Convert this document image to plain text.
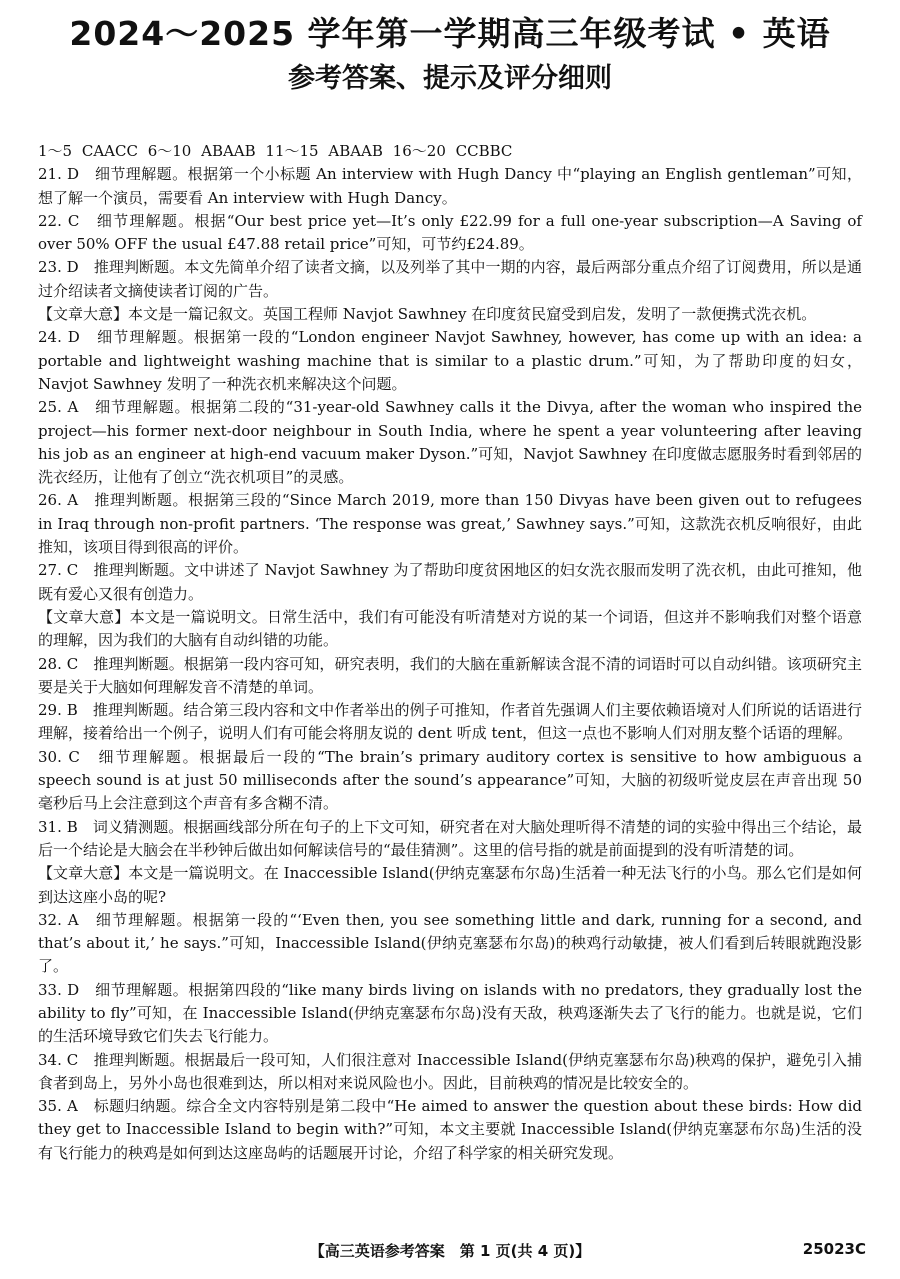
2024～2025 学年第一学期高三年级考试 • 英语
参考答案、提示及评分细则

1～5 CAACC 6～10 ABAAB 11～15 ABAAB 16～20 CCBBC

21. D　细节理解题。根据第一个小标题 An interview with Hugh Dancy 中“playing an English gentleman”可知，想了解一个演员，需要看 An interview with Hugh Dancy。

22. C　细节理解题。根据“Our best price yet—It’s only £22.99 for a full one-year subscription—A Saving of over 50% OFF the usual £47.88 retail price”可知，可节约£24.89。

23. D　推理判断题。本文先简单介绍了读者文摘，以及列举了其中一期的内容，最后两部分重点介绍了订阅费用，所以是通过介绍读者文摘使读者订阅的广告。

【文章大意】本文是一篇记叙文。英国工程师 Navjot Sawhney 在印度贫民窟受到启发，发明了一款便携式洗衣机。

24. D　细节理解题。根据第一段的“London engineer Navjot Sawhney, however, has come up with an idea: a portable and lightweight washing machine that is similar to a plastic drum.”可知，为了帮助印度的妇女，Navjot Sawhney 发明了一种洗衣机来解决这个问题。

25. A　细节理解题。根据第二段的“31-year-old Sawhney calls it the Divya, after the woman who inspired the project—his former next-door neighbour in South India, where he spent a year volunteering after leaving his job as an engineer at high-end vacuum maker Dyson.”可知，Navjot Sawhney 在印度做志愿服务时看到邻居的洗衣经历，让他有了创立“洗衣机项目”的灵感。

26. A　推理判断题。根据第三段的“Since March 2019, more than 150 Divyas have been given out to refugees in Iraq through non-profit partners. ‘The response was great,’ Sawhney says.”可知，这款洗衣机反响很好，由此推知，该项目得到很高的评价。

27. C　推理判断题。文中讲述了 Navjot Sawhney 为了帮助印度贫困地区的妇女洗衣服而发明了洗衣机，由此可推知，他既有爱心又很有创造力。

【文章大意】本文是一篇说明文。日常生活中，我们有可能没有听清楚对方说的某一个词语，但这并不影响我们对整个语意的理解，因为我们的大脑有自动纠错的功能。

28. C　推理判断题。根据第一段内容可知，研究表明，我们的大脑在重新解读含混不清的词语时可以自动纠错。该项研究主要是关于大脑如何理解发音不清楚的单词。

29. B　推理判断题。结合第三段内容和文中作者举出的例子可推知，作者首先强调人们主要依赖语境对人们所说的话语进行理解，接着给出一个例子，说明人们有可能会将朋友说的 dent 听成 tent，但这一点也不影响人们对朋友整个话语的理解。

30. C　细节理解题。根据最后一段的“The brain’s primary auditory cortex is sensitive to how ambiguous a speech sound is at just 50 milliseconds after the sound’s appearance”可知，大脑的初级听觉皮层在声音出现 50 毫秒后马上会注意到这个声音有多含糊不清。

31. B　词义猜测题。根据画线部分所在句子的上下文可知，研究者在对大脑处理听得不清楚的词的实验中得出三个结论，最后一个结论是大脑会在半秒钟后做出如何解读信号的“最佳猜测”。这里的信号指的就是前面提到的没有听清楚的词。

【文章大意】本文是一篇说明文。在 Inaccessible Island(伊纳克塞瑟布尔岛)生活着一种无法飞行的小鸟。那么它们是如何到达这座小岛的呢?

32. A　细节理解题。根据第一段的“‘Even then, you see something little and dark, running for a second, and that’s about it,’ he says.”可知，Inaccessible Island(伊纳克塞瑟布尔岛)的秧鸡行动敏捷，被人们看到后转眼就跑没影了。

33. D　细节理解题。根据第四段的“like many birds living on islands with no predators, they gradually lost the ability to fly”可知，在 Inaccessible Island(伊纳克塞瑟布尔岛)没有天敌，秧鸡逐渐失去了飞行的能力。也就是说，它们的生活环境导致它们失去飞行能力。

34. C　推理判断题。根据最后一段可知，人们很注意对 Inaccessible Island(伊纳克塞瑟布尔岛)秧鸡的保护，避免引入捕食者到岛上，另外小岛也很难到达，所以相对来说风险也小。因此，目前秧鸡的情况是比较安全的。

35. A　标题归纳题。综合全文内容特别是第二段中“He aimed to answer the question about these birds: How did they get to Inaccessible Island to begin with?”可知，本文主要就 Inaccessible Island(伊纳克塞瑟布尔岛)生活的没有飞行能力的秧鸡是如何到达这座岛屿的话题展开讨论，介绍了科学家的相关研究发现。

【高三英语参考答案　第 1 页(共 4 页)】	25023C
